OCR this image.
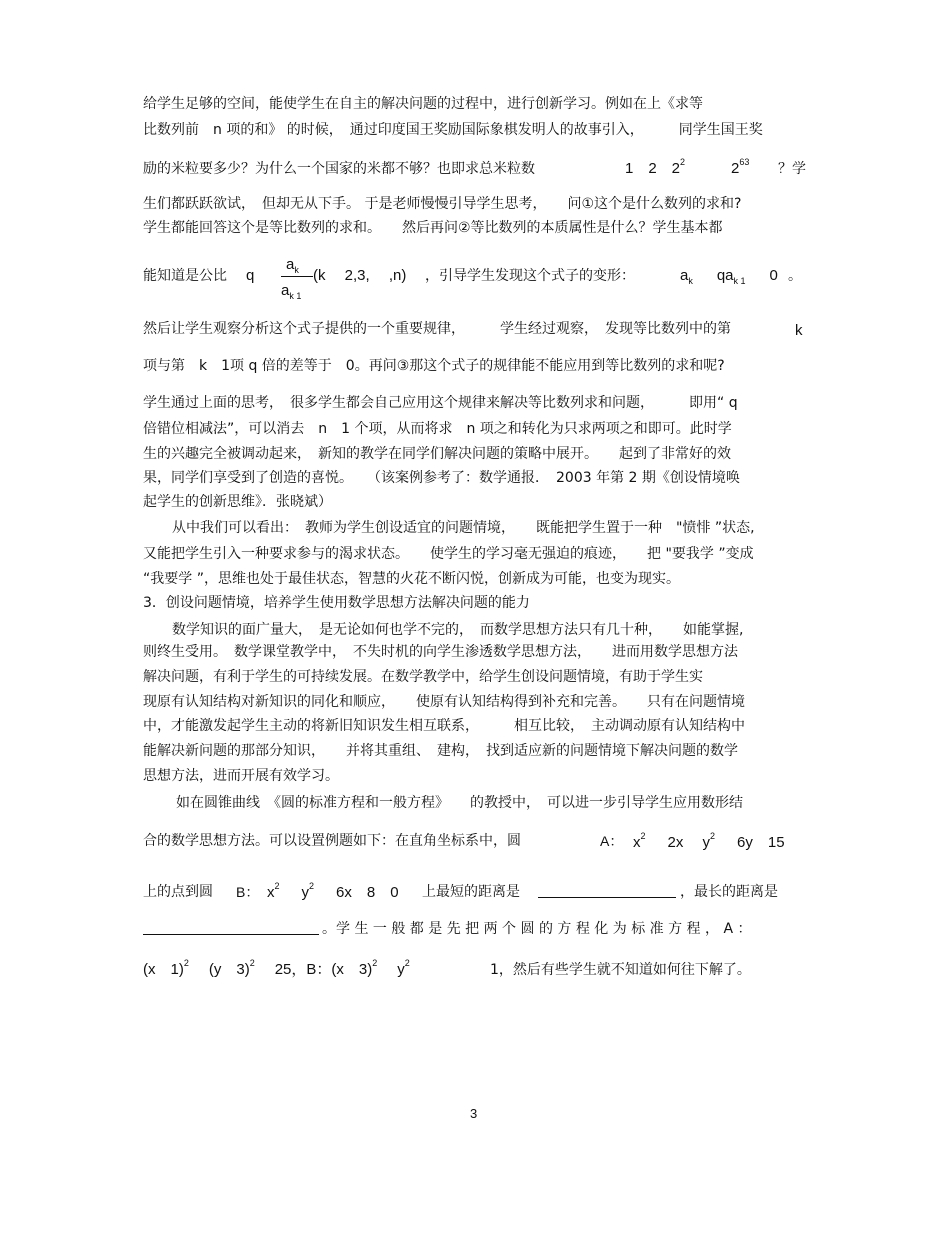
给学生足够的空间，能使学生在自主的解决问题的过程中，进行创新学习。例如在上《求等
比数列前　n 项的和》 的时候，　通过印度国王奖励国际象棋发明人的故事引入，　　　同学生国王奖
励的米粒要多少？为什么一个国家的米都不够？也即求总米粒数	1　2　$2^2$	$2^{63}$ ？学
生们都跃跃欲试，　但却无从下手。 于是老师慢慢引导学生思考，　　问①这个是什么数列的求和?
学生都能回答这个是等比数列的求和。　　然后再问②等比数列的本质属性是什么？学生基本都
能知道是公比 q
$a_k$
$a_{k 1}$
(k　 2,3,　 ,n) ，引导学生发现这个式子的变形：	$a_k$ $qa_{k 1}$ 0 。
然后让学生观察分析这个式子提供的一个重要规律，　　　学生经过观察，　发现等比数列中的第	k
项与第　k　1项 q 倍的差等于　0。再问③那这个式子的规律能不能应用到等比数列的求和呢?
学生通过上面的思考，　很多学生都会自己应用这个规律来解决等比数列求和问题，　　　即用“ q
倍错位相减法”，可以消去　n　1 个项，从而将求　n 项之和转化为只求两项之和即可。此时学
生的兴趣完全被调动起来，　新知的教学在同学们解决问题的策略中展开。　　起到了非常好的效
果，同学们享受到了创造的喜悦。　　（该案例参考了：数学通报．　2003 年第 2 期《创设情境唤
起学生的创新思维》．张晓斌）
从中我们可以看出：　教师为学生创设适宜的问题情境，　　既能把学生置于一种　"愤悱 ”状态,
又能把学生引入一种要求参与的渴求状态。　　使学生的学习毫无强迫的痕迹，　　把 "要我学 ”变成
“我要学 ”，思维也处于最佳状态，智慧的火花不断闪悦，创新成为可能，也变为现实。
3．创设问题情境，培养学生使用数学思想方法解决问题的能力
数学知识的面广量大，　是无论如何也学不完的，　而数学思想方法只有几十种，　　如能掌握,
则终生受用。　数学课堂教学中，　不失时机的向学生渗透数学思想方法，　　进而用数学思想方法
解决问题，有利于学生的可持续发展。在数学教学中，给学生创设问题情境，有助于学生实
现原有认知结构对新知识的同化和顺应，　　使原有认知结构得到补充和完善。　　只有在问题情境
中，才能激发起学生主动的将新旧知识发生相互联系，　　　相互比较，　主动调动原有认知结构中
能解决新问题的那部分知识，　　并将其重组、　建构，　找到适应新的问题情境下解决问题的数学
思想方法，进而开展有效学习。
如在圆锥曲线　《圆的标准方程和一般方程》　　的教授中，　可以进一步引导学生应用数形结
合的数学思想方法。可以设置例题如下：在直角坐标系中，圆	A： $x^2$ 2x　 $y^2$ 6y　15
上的点到圆 B： $x^2$ $y^2$ 6x　8　0 上最短的距离是	，最长的距离是
。学 生 一 般 都 是 先 把 两 个 圆 的 方 程 化 为 标 准 方 程 ， A ：
(x　1)$^2$ (y　3)$^2$ 25，B：(x　3)$^2$ $y^2$	1，然后有些学生就不知道如何往下解了。
3
